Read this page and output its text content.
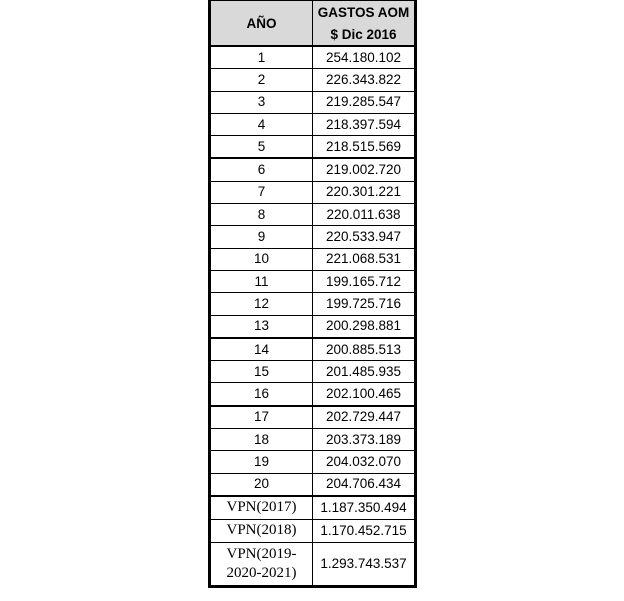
AÑO	GASTOS AOM
	$ Dic 2016
1	254.180.102
2	226.343.822
3	219.285.547
4	218.397.594
5	218.515.569
6	219.002.720
7	220.301.221
8	220.011.638
9	220.533.947
10	221.068.531
11	199.165.712
12	199.725.716
13	200.298.881
14	200.885.513
15	201.485.935
16	202.100.465
17	202.729.447
18	203.373.189
19	204.032.070
20	204.706.434
VPN(2017)	1.187.350.494
VPN(2018)	1.170.452.715

VPN(2019-
2020-2021)	1.293.743.537
